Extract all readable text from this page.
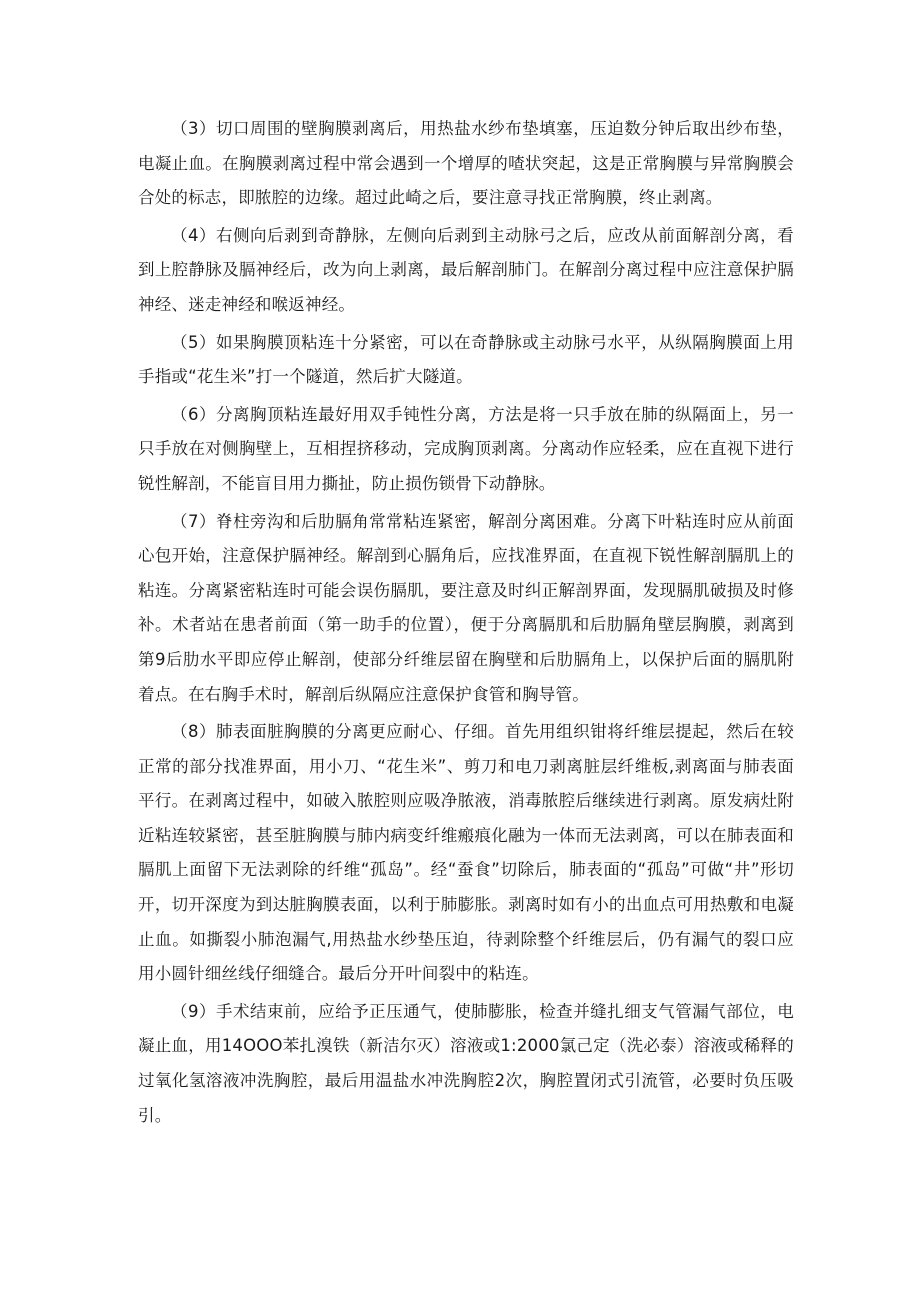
（3）切口周围的壁胸膜剥离后，用热盐水纱布垫填塞，压迫数分钟后取出纱布垫，电凝止血。在胸膜剥离过程中常会遇到一个增厚的喳状突起，这是正常胸膜与异常胸膜会合处的标志，即脓腔的边缘。超过此崎之后，要注意寻找正常胸膜，终止剥离。

（4）右侧向后剥到奇静脉，左侧向后剥到主动脉弓之后，应改从前面解剖分离，看到上腔静脉及膈神经后，改为向上剥离，最后解剖肺门。在解剖分离过程中应注意保护膈神经、迷走神经和喉返神经。

（5）如果胸膜顶粘连十分紧密，可以在奇静脉或主动脉弓水平，从纵隔胸膜面上用手指或“花生米”打一个隧道，然后扩大隧道。

（6）分离胸顶粘连最好用双手钝性分离，方法是将一只手放在肺的纵隔面上，另一只手放在对侧胸壁上，互相捏挤移动，完成胸顶剥离。分离动作应轻柔，应在直视下进行锐性解剖，不能盲目用力撕扯，防止损伤锁骨下动静脉。

（7）脊柱旁沟和后肋膈角常常粘连紧密，解剖分离困难。分离下叶粘连时应从前面心包开始，注意保护膈神经。解剖到心膈角后，应找准界面，在直视下锐性解剖膈肌上的粘连。分离紧密粘连时可能会误伤膈肌，要注意及时纠正解剖界面，发现膈肌破损及时修补。术者站在患者前面（第一助手的位置），便于分离膈肌和后肋膈角壁层胸膜，剥离到第9后肋水平即应停止解剖，使部分纤维层留在胸壁和后肋膈角上，以保护后面的膈肌附着点。在右胸手术时，解剖后纵隔应注意保护食管和胸导管。

（8）肺表面脏胸膜的分离更应耐心、仔细。首先用组织钳将纤维层提起，然后在较正常的部分找准界面，用小刀、“花生米”、剪刀和电刀剥离脏层纤维板,剥离面与肺表面平行。在剥离过程中，如破入脓腔则应吸净脓液，消毒脓腔后继续进行剥离。原发病灶附近粘连较紧密，甚至脏胸膜与肺内病变纤维瘢痕化融为一体而无法剥离，可以在肺表面和膈肌上面留下无法剥除的纤维“孤岛”。经“蚕食”切除后，肺表面的“孤岛”可做“井”形切开，切开深度为到达脏胸膜表面，以利于肺膨胀。剥离时如有小的出血点可用热敷和电凝止血。如撕裂小肺泡漏气,用热盐水纱垫压迫，待剥除整个纤维层后，仍有漏气的裂口应用小圆针细丝线仔细缝合。最后分开叶间裂中的粘连。

（9）手术结束前，应给予正压通气，使肺膨胀，检查并缝扎细支气管漏气部位，电凝止血，用14OOO苯扎溴铁（新洁尔灭）溶液或1:2000氯己定（洗必泰）溶液或稀释的过氧化氢溶液冲洗胸腔，最后用温盐水冲洗胸腔2次，胸腔置闭式引流管，必要时负压吸引。
